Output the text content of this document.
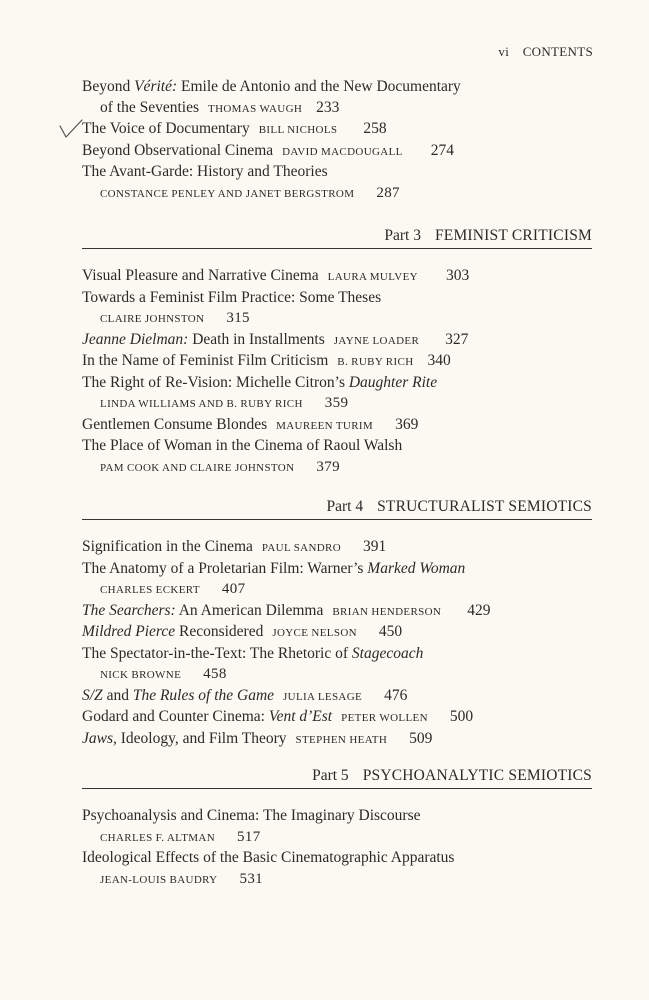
vi CONTENTS
Beyond Vérité: Emile de Antonio and the New Documentary
of the Seventies THOMAS WAUGH 233
The Voice of Documentary BILL NICHOLS 258
Beyond Observational Cinema DAVID MACDOUGALL 274
The Avant-Garde: History and Theories
CONSTANCE PENLEY AND JANET BERGSTROM 287
Part 3 FEMINIST CRITICISM
Visual Pleasure and Narrative Cinema LAURA MULVEY 303
Towards a Feminist Film Practice: Some Theses
CLAIRE JOHNSTON 315
Jeanne Dielman: Death in Installments JAYNE LOADER 327
In the Name of Feminist Film Criticism B. RUBY RICH 340
The Right of Re-Vision: Michelle Citron’s Daughter Rite
LINDA WILLIAMS AND B. RUBY RICH 359
Gentlemen Consume Blondes MAUREEN TURIM 369
The Place of Woman in the Cinema of Raoul Walsh
PAM COOK AND CLAIRE JOHNSTON 379
Part 4 STRUCTURALIST SEMIOTICS
Signification in the Cinema PAUL SANDRO 391
The Anatomy of a Proletarian Film: Warner’s Marked Woman
CHARLES ECKERT 407
The Searchers: An American Dilemma BRIAN HENDERSON 429
Mildred Pierce Reconsidered JOYCE NELSON 450
The Spectator-in-the-Text: The Rhetoric of Stagecoach
NICK BROWNE 458
S/Z and The Rules of the Game JULIA LESAGE 476
Godard and Counter Cinema: Vent d’Est PETER WOLLEN 500
Jaws, Ideology, and Film Theory STEPHEN HEATH 509
Part 5 PSYCHOANALYTIC SEMIOTICS
Psychoanalysis and Cinema: The Imaginary Discourse
CHARLES F. ALTMAN 517
Ideological Effects of the Basic Cinematographic Apparatus
JEAN-LOUIS BAUDRY 531
